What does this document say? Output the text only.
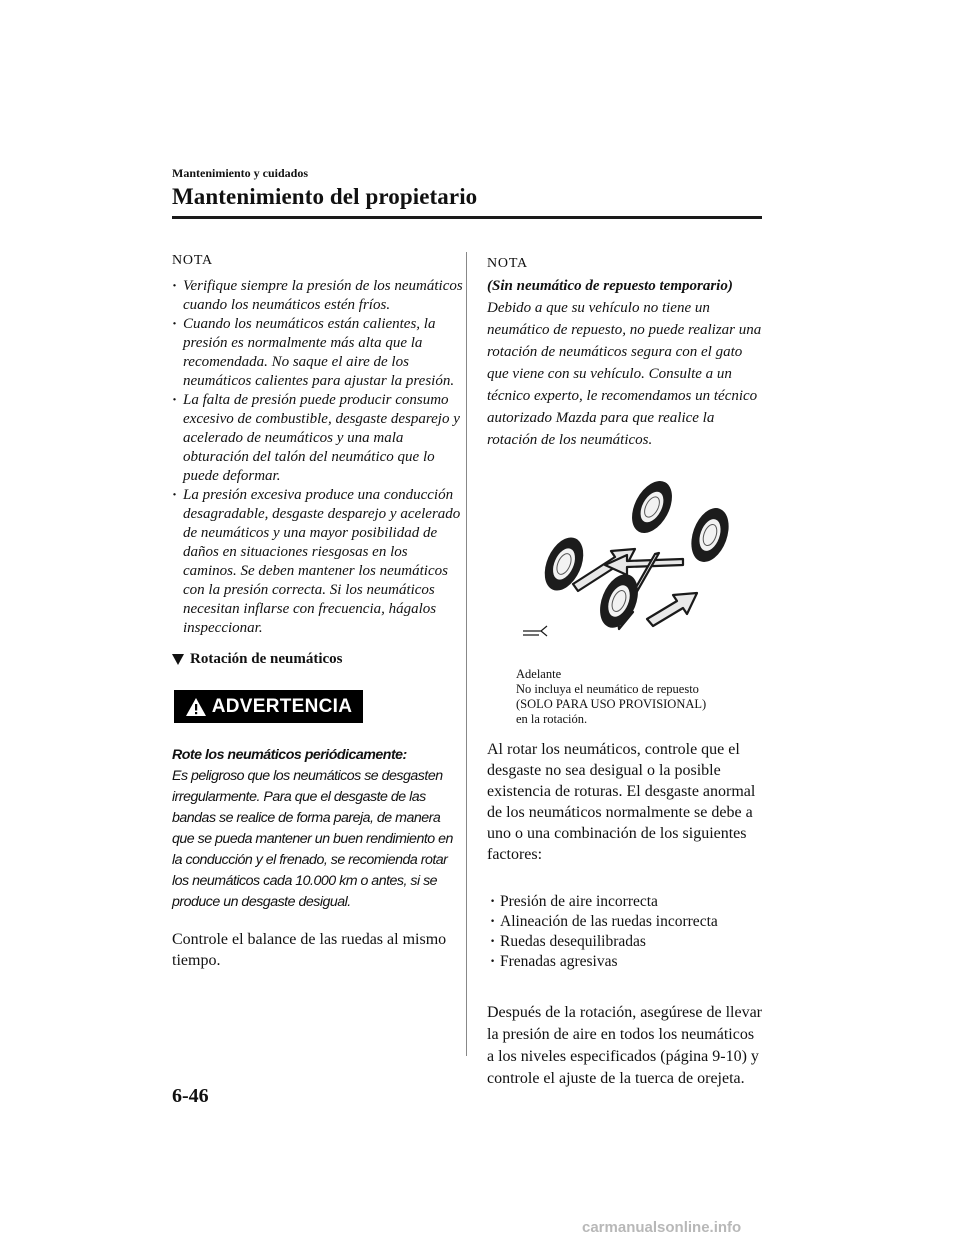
Mantenimiento y cuidados
Mantenimiento del propietario
NOTA
· Verifique siempre la presión de los neumáticos cuando los neumáticos estén fríos.
· Cuando los neumáticos están calientes, la presión es normalmente más alta que la recomendada. No saque el aire de los neumáticos calientes para ajustar la presión.
· La falta de presión puede producir consumo excesivo de combustible, desgaste desparejo y acelerado de neumáticos y una mala obturación del talón del neumático que lo puede deformar.
· La presión excesiva produce una conducción desagradable, desgaste desparejo y acelerado de neumáticos y una mayor posibilidad de daños en situaciones riesgosas en los caminos. Se deben mantener los neumáticos con la presión correcta. Si los neumáticos necesitan inflarse con frecuencia, hágalos inspeccionar.
Rotación de neumáticos
ADVERTENCIA
Rote los neumáticos periódicamente:
Es peligroso que los neumáticos se desgasten irregularmente. Para que el desgaste de las bandas se realice de forma pareja, de manera que se pueda mantener un buen rendimiento en la conducción y el frenado, se recomienda rotar los neumáticos cada 10.000 km o antes, si se produce un desgaste desigual.
Controle el balance de las ruedas al mismo tiempo.
NOTA
(Sin neumático de repuesto temporario)
Debido a que su vehículo no tiene un neumático de repuesto, no puede realizar una rotación de neumáticos segura con el gato que viene con su vehículo. Consulte a un técnico experto, le recomendamos un técnico autorizado Mazda para que realice la rotación de los neumáticos.
Adelante
No incluya el neumático de repuesto
(SOLO PARA USO PROVISIONAL)
en la rotación.
Al rotar los neumáticos, controle que el desgaste no sea desigual o la posible existencia de roturas. El desgaste anormal de los neumáticos normalmente se debe a uno o una combinación de los siguientes factores:
· Presión de aire incorrecta
· Alineación de las ruedas incorrecta
· Ruedas desequilibradas
· Frenadas agresivas
Después de la rotación, asegúrese de llevar la presión de aire en todos los neumáticos a los niveles especificados (página 9-10) y controle el ajuste de la tuerca de orejeta.
6-46
carmanualsonline.info
